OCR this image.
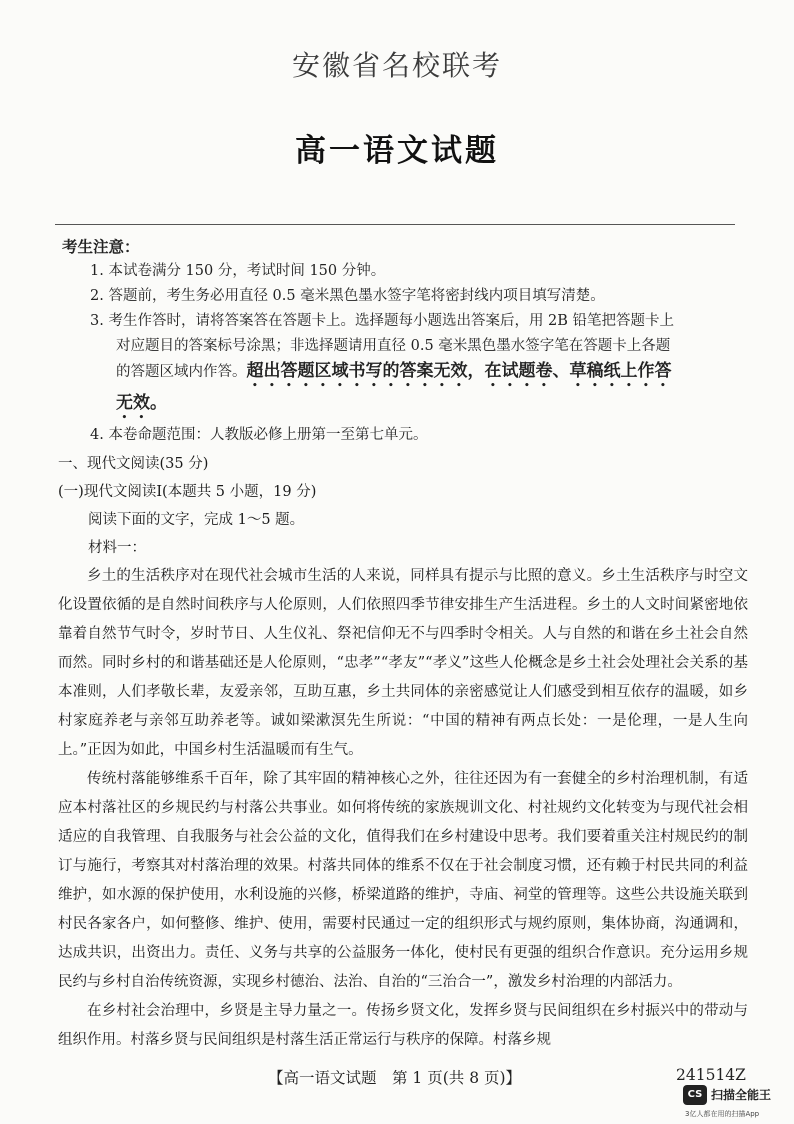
安徽省名校联考
高一语文试题
考生注意：
1. 本试卷满分 150 分，考试时间 150 分钟。
2. 答题前，考生务必用直径 0.5 毫米黑色墨水签字笔将密封线内项目填写清楚。
3. 考生作答时，请将答案答在答题卡上。选择题每小题选出答案后，用 2B 铅笔把答题卡上
对应题目的答案标号涂黑；非选择题请用直径 0.5 毫米黑色墨水签字笔在答题卡上各题
的答题区域内作答。超出答题区域书写的答案无效，在试题卷、草稿纸上作答
无效。
4. 本卷命题范围：人教版必修上册第一至第七单元。
一、现代文阅读(35 分)
(一)现代文阅读Ⅰ(本题共 5 小题，19 分)
阅读下面的文字，完成 1～5 题。
材料一：

乡土的生活秩序对在现代社会城市生活的人来说，同样具有提示与比照的意义。乡土生活秩序与时空文化设置依循的是自然时间秩序与人伦原则，人们依照四季节律安排生产生活进程。乡土的人文时间紧密地依靠着自然节气时令，岁时节日、人生仪礼、祭祀信仰无不与四季时令相关。人与自然的和谐在乡土社会自然而然。同时乡村的和谐基础还是人伦原则，“忠孝”“孝友”“孝义”这些人伦概念是乡土社会处理社会关系的基本准则，人们孝敬长辈，友爱亲邻，互助互惠，乡土共同体的亲密感觉让人们感受到相互依存的温暖，如乡村家庭养老与亲邻互助养老等。诚如梁漱溟先生所说：“中国的精神有两点长处：一是伦理，一是人生向上。”正因为如此，中国乡村生活温暖而有生气。

传统村落能够维系千百年，除了其牢固的精神核心之外，往往还因为有一套健全的乡村治理机制，有适应本村落社区的乡规民约与村落公共事业。如何将传统的家族规训文化、村社规约文化转变为与现代社会相适应的自我管理、自我服务与社会公益的文化，值得我们在乡村建设中思考。我们要着重关注村规民约的制订与施行，考察其对村落治理的效果。村落共同体的维系不仅在于社会制度习惯，还有赖于村民共同的利益维护，如水源的保护使用，水利设施的兴修，桥梁道路的维护，寺庙、祠堂的管理等。这些公共设施关联到村民各家各户，如何整修、维护、使用，需要村民通过一定的组织形式与规约原则，集体协商，沟通调和，达成共识，出资出力。责任、义务与共享的公益服务一体化，使村民有更强的组织合作意识。充分运用乡规民约与乡村自治传统资源，实现乡村德治、法治、自治的“三治合一”，激发乡村治理的内部活力。

在乡村社会治理中，乡贤是主导力量之一。传扬乡贤文化，发挥乡贤与民间组织在乡村振兴中的带动与组织作用。村落乡贤与民间组织是村落生活正常运行与秩序的保障。村落乡规

【高一语文试题　第 1 页(共 8 页)】	241514Z
CS 扫描全能王
3亿人都在用的扫描App
